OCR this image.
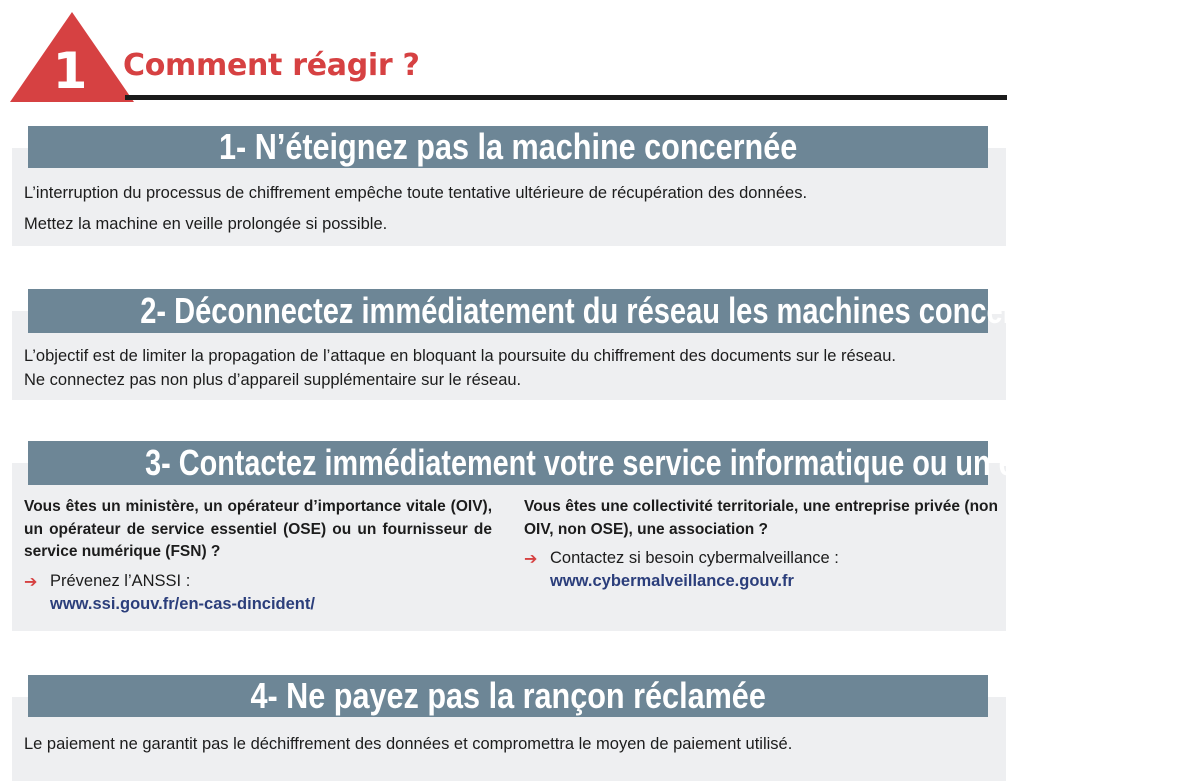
1 Comment réagir ?
1- N’éteignez pas la machine concernée
L’interruption du processus de chiffrement empêche toute tentative ultérieure de récupération des données.
Mettez la machine en veille prolongée si possible.
2- Déconnectez immédiatement du réseau les machines concernées
L’objectif est de limiter la propagation de l’attaque en bloquant la poursuite du chiffrement des documents sur le réseau.
Ne connectez pas non plus d’appareil supplémentaire sur le réseau.
3- Contactez immédiatement votre service informatique ou un expert
Vous êtes un ministère, un opérateur d’importance vitale (OIV), un opérateur de service essentiel (OSE) ou un fournisseur de service numérique (FSN) ?
➔ Prévenez l’ANSSI :
www.ssi.gouv.fr/en-cas-dincident/
Vous êtes une collectivité territoriale, une entreprise privée (non OIV, non OSE), une association ?
➔ Contactez si besoin cybermalveillance :
www.cybermalveillance.gouv.fr
4- Ne payez pas la rançon réclamée
Le paiement ne garantit pas le déchiffrement des données et compromettra le moyen de paiement utilisé.
